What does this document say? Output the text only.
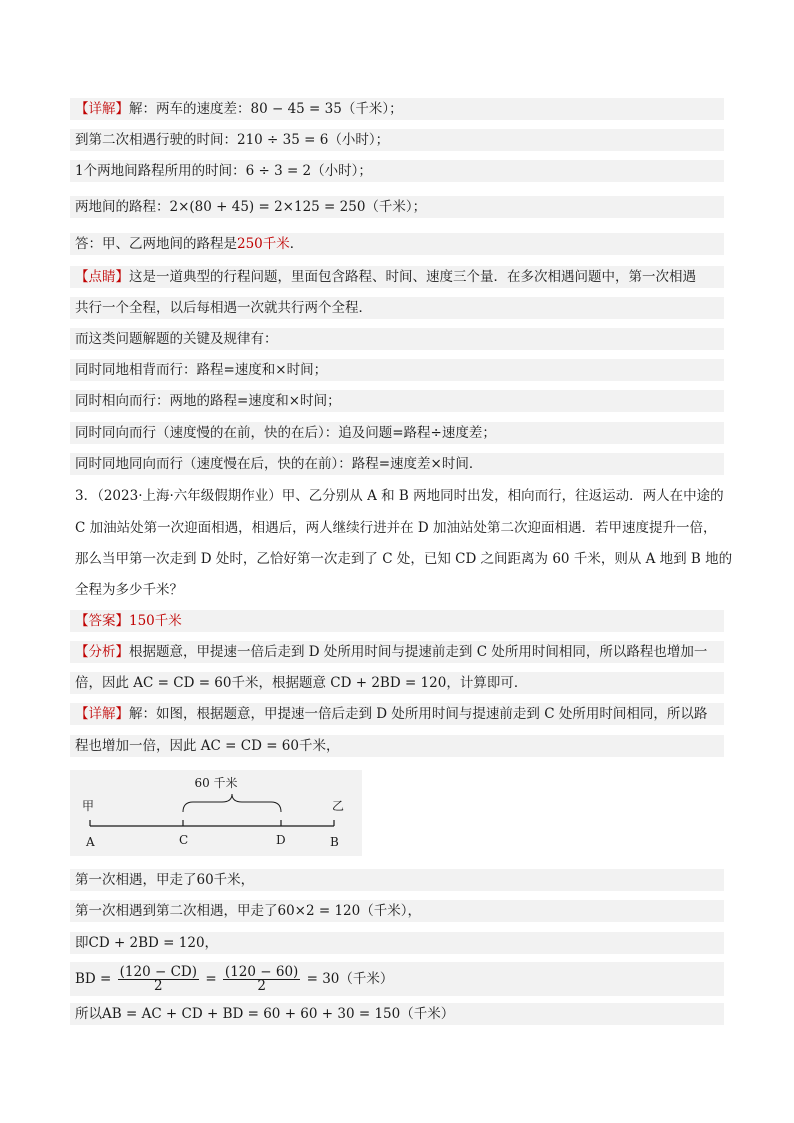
【详解】解：两车的速度差：80 − 45 = 35（千米）；
到第二次相遇行驶的时间：210 ÷ 35 = 6（小时）；
1个两地间路程所用的时间：6 ÷ 3 = 2（小时）；
两地间的路程：2×(80 + 45) = 2×125 = 250（千米）；
答：甲、乙两地间的路程是250千米．
【点睛】这是一道典型的行程问题，里面包含路程、时间、速度三个量．在多次相遇问题中，第一次相遇
共行一个全程，以后每相遇一次就共行两个全程．
而这类问题解题的关键及规律有：
同时同地相背而行：路程=速度和×时间；
同时相向而行：两地的路程=速度和×时间；
同时同向而行（速度慢的在前，快的在后）：追及问题=路程÷速度差；
同时同地同向而行（速度慢在后，快的在前）：路程=速度差×时间．
3．（2023·上海·六年级假期作业）甲、乙分别从 A 和 B 两地同时出发，相向而行，往返运动．两人在中途的
C 加油站处第一次迎面相遇，相遇后，两人继续行进并在 D 加油站处第二次迎面相遇．若甲速度提升一倍，
那么当甲第一次走到 D 处时，乙恰好第一次走到了 C 处，已知 CD 之间距离为 60 千米，则从 A 地到 B 地的
全程为多少千米？
【答案】150千米
【分析】根据题意，甲提速一倍后走到 D 处所用时间与提速前走到 C 处所用时间相同，所以路程也增加一
倍，因此 AC = CD = 60千米，根据题意 CD + 2BD = 120，计算即可．
【详解】解：如图，根据题意，甲提速一倍后走到 D 处所用时间与提速前走到 C 处所用时间相同，所以路
程也增加一倍，因此 AC = CD = 60千米，
60 千米
甲	乙
A	C	D	B
第一次相遇，甲走了60千米，
第一次相遇到第二次相遇，甲走了60×2 = 120（千米），
即CD + 2BD = 120，
BD = $\frac{(120 - CD)}{2} = \frac{(120 - 60)}{2} = 30$（千米）
所以AB = AC + CD + BD = 60 + 60 + 30 = 150（千米）
